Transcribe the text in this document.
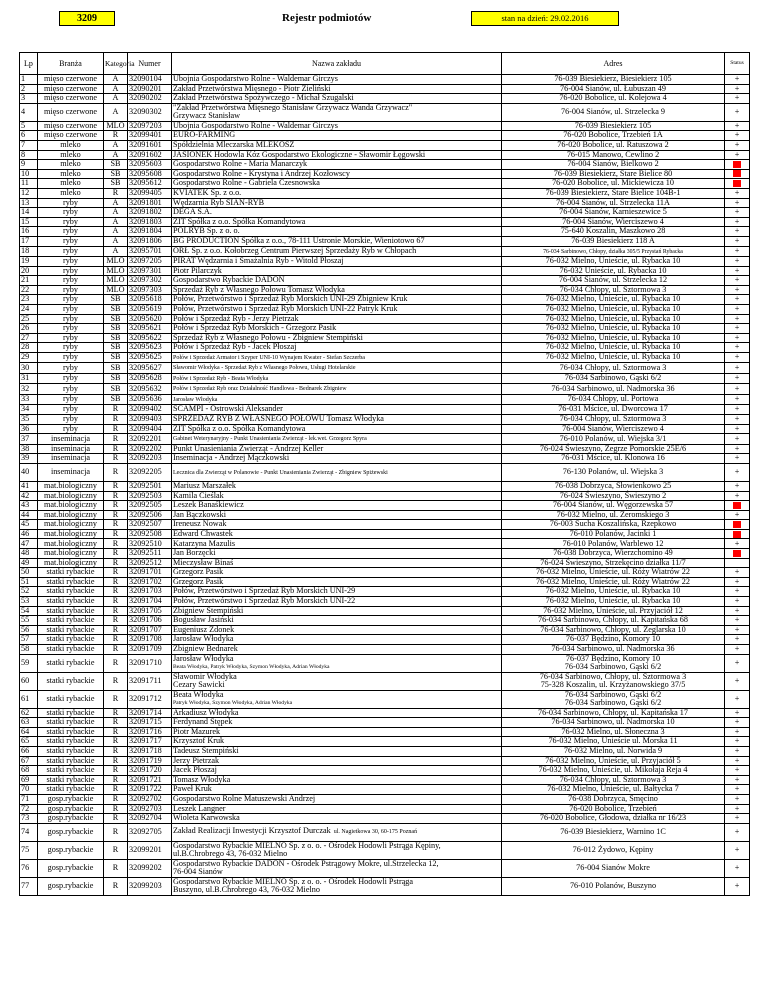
3209	Rejestr podmiotów	stan na dzień: 29.02.2016
Lp	Branża	Kategoria	Numer	Nazwa zakładu	Adres	Status
1	mięso czerwone	A	32090104	Ubojnia Gospodarstwo Rolne - Waldemar Girczys	76-039 Biesiekierz, Biesiekierz 105	+
2	mięso czerwone	A	32090201	Zakład Przetwórstwa Mięsnego - Piotr Zieliński	76-004 Sianów, ul. Łubuszan 49	+
3	mięso czerwone	A	32090202	Zakład Przetwórstwa Spożywczego - Michał Szugalski	76-020 Bobolice, ul. Kolejowa 4	+
4	mięso czerwone	A	32090302	"Zakład Przetwórstwa Mięsnego Stanisław Grzywacz Wanda Grzywacz"
Grzywacz Stanisław	76-004 Sianów, ul. Strzelecka 9	+
5	mięso czerwone	MLO	32097203	Ubojnia Gospodarstwo Rolne - Waldemar Girczys	76-039 Biesiekierz 105	+
6	mięso czerwone	R	32099401	EURO-FARMING	76-020 Bobolice, Trzebień 1A	+
7	mleko	A	32091601	Spółdzielnia Mleczarska MLEKOSZ	76-020 Bobolice, ul. Ratuszowa 2	+
8	mleko	A	32091602	JASIONEK Hodowla Kóz Gospodarstwo Ekologiczne - Sławomir Łęgowski	76-015 Manowo, Cewlino 2	+
9	mleko	SB	32095603	Gospodarstwo Rolne - Maria Manarczyk	76-004 Sianów, Bielkowo 2	
10	mleko	SB	32095608	Gospodarstwo Rolne - Krystyna i Andrzej Kozłowscy	76-039 Biesiekierz, Stare Bielice 80	
11	mleko	SB	32095612	Gospodarstwo Rolne - Gabriela Czesnowska	76-020 Bobolice, ul. Mickiewicza 10	
12	mleko	R	32099405	KVIATEK Sp. z o.o.	76-039 Biesiekierz, Stare Bielice 104B-1	+
13	ryby	A	32091801	Wędzarnia Ryb SIAN-RYB	76-004 Sianów, ul. Strzelecka 11A	+
14	ryby	A	32091802	DEGA S.A.	76-004 Sianów, Karnieszewice 5	+
15	ryby	A	32091803	ZIT Spółka z o.o. Spółka Komandytowa	76-004 Sianów, Wierciszewo 4	+
16	ryby	A	32091804	POLRYB Sp. z o. o.	75-640 Koszalin, Maszkowo 28	+
17	ryby	A	32091806	BG PRODUCTION Spółka z o.o., 78-111 Ustronie Morskie, Wieniotowo 67	76-039 Biesiekierz 118 A	+
18	ryby	A	32095701	ORŁ Sp. z o.o. Kołobrzeg Centrum Pierwszej Sprzedaży Ryb w Chłopach	76-034 Sarbinowo, Chłopy, działka 305/5 Przystań Rybacka	+
19	ryby	MLO	32097205	PIRAT Wędzarnia i Smażalnia Ryb - Witold Płoszaj	76-032 Mielno, Unieście, ul. Rybacka 10	+
20	ryby	MLO	32097301	Piotr Pilarczyk	76-032 Unieście, ul. Rybacka 10	+
21	ryby	MLO	32097302	Gospodarstwo Rybackie DADON	76-004 Sianów, ul. Strzelecka 12	+
22	ryby	MLO	32097303	Sprzedaż Ryb z Własnego Połowu Tomasz Włodyka	76-034 Chłopy, ul. Sztormowa 3	+
23	ryby	SB	32095618	Połów, Przetwórstwo i Sprzedaż Ryb Morskich UNI-29 Zbigniew Kruk	76-032 Mielno, Unieście, ul. Rybacka 10	+
24	ryby	SB	32095619	Połów, Przetwórstwo i Sprzedaż Ryb Morskich UNI-22 Patryk Kruk	76-032 Mielno, Unieście, ul. Rybacka 10	+
25	ryby	SB	32095620	Połów i Sprzedaż Ryb - Jerzy Pietrzak	76-032 Mielno, Unieście, ul. Rybacka 10	+
26	ryby	SB	32095621	Połów i Sprzedaż Ryb Morskich - Grzegorz Pasik	76-032 Mielno, Unieście, ul. Rybacka 10	+
27	ryby	SB	32095622	Sprzedaż Ryb z Własnego Połowu - Zbigniew Stempiński	76-032 Mielno, Unieście, ul. Rybacka 10	+
28	ryby	SB	32095623	Połów i Sprzedaż Ryb - Jacek Płoszaj	76-032 Mielno, Unieście, ul. Rybacka 10	+
29	ryby	SB	32095625	Połów i Sprzedaż Armator i Szyper UNI-10 Wynajem Kwater - Stefan Szczerba	76-032 Mielno, Unieście, ul. Rybacka 10	+
30	ryby	SB	32095627	Sławomir Włodyka - Sprzedaż Ryb z Własnego Połowu, Usługi Hotelarskie	76-034 Chłopy, ul. Sztormowa 3	+
31	ryby	SB	32095628	Połów i Sprzedaż Ryb - Beata Włodyka	76-034 Sarbinowo, Gąski 6/2	+
32	ryby	SB	32095632	Połów i Sprzedaż Ryb oraz Działalność Handlowa - Bednarek Zbigniew	76-034 Sarbinowo, ul. Nadmorska 36	+
33	ryby	SB	32095636	Jarosław Włodyka	76-034 Chłopy, ul. Portowa	+
34	ryby	R	32099402	SCAMPI - Ostrowski Aleksander	76-031 Mścice, ul. Dworcowa 17	+
35	ryby	R	32099403	SPRZEDAŻ RYB Z WŁASNEGO POŁOWU Tomasz Włodyka	76-034 Chłopy, ul. Sztormowa 3	+
36	ryby	R	32099404	ZIT Spółka z o.o. Spółka Komandytowa	76-004 Sianów, Wierciszewo 4	+
37	inseminacja	R	32092201	Gabinet Weterynaryjny - Punkt Unasieniania Zwierząt - lek.wet. Grzegorz Spyra	76-010 Polanów, ul. Wiejska 3/1	+
38	inseminacja	R	32092202	Punkt Unasieniania Zwierząt - Andrzej Keller	76-024 Świeszyno, Zegrze Pomorskie 25E/6	+
39	inseminacja	R	32092203	Inseminacja - Andrzej Mączkowski	76-031 Mścice, ul. Klonowa 16	+
40	inseminacja	R	32092205	Lecznica dla Zwierząt w Polanowie - Punkt Unasieniania Zwierząt - Zbigniew Spiżewski	76-130 Polanów, ul. Wiejska 3	+
41	mat.biologiczny	R	32092501	Mariusz Marszałek	76-038 Dobrzyca, Słowienkowo 25	+
42	mat.biologiczny	R	32092503	Kamila Cieślak	76-024 Świeszyno, Świeszyno 2	+
43	mat.biologiczny	R	32092505	Leszek Banaśkiewicz	76-004 Sianów, ul. Węgorzewska 57	
44	mat.biologiczny	R	32092506	Jan Bączkowski	76-032 Mielno, ul. Żeromskiego 3	+
45	mat.biologiczny	R	32092507	Ireneusz Nowak	76-003 Sucha Koszalińska, Rzepkowo	
46	mat.biologiczny	R	32092508	Edward Chwastek	76-010 Polanów, Jacinki 1	
47	mat.biologiczny	R	32092510	Katarzyna Mazulis	76-010 Polanów, Warblewo 12	+
48	mat.biologiczny	R	32092511	Jan Borzęcki	76-038 Dobrzyca, Wierzchomino 49	
49	mat.biologiczny	R	32092512	Mieczysław Binaś	76-024 Świeszyno, Strzekęcino działka 11/7	
50	statki rybackie	R	32091701	Grzegorz Pasik	76-032 Mielno, Unieście, ul. Róży Wiatrów 22	+
51	statki rybackie	R	32091702	Grzegorz Pasik	76-032 Mielno, Unieście, ul. Róży Wiatrów 22	+
52	statki rybackie	R	32091703	Połów, Przetwórstwo i Sprzedaż Ryb Morskich UNI-29	76-032 Mielno, Unieście, ul. Rybacka 10	+
53	statki rybackie	R	32091704	Połów, Przetwórstwo i Sprzedaż Ryb Morskich UNI-22	76-032 Mielno, Unieście, ul. Rybacka 10	+
54	statki rybackie	R	32091705	Zbigniew Stempiński	76-032 Mielno, Unieście, ul. Przyjaciół 12	+
55	statki rybackie	R	32091706	Bogusław Jasiński	76-034 Sarbinowo, Chłopy, ul. Kapitańska 68	+
56	statki rybackie	R	32091707	Eugeniusz Zdonek	76-034 Sarbinowo, Chłopy, ul. Żeglarska 10	+
57	statki rybackie	R	32091708	Jarosław Włodyka	76-037 Będzino, Komory 10	+
58	statki rybackie	R	32091709	Zbigniew Bednarek	76-034 Sarbinowo, ul. Nadmorska 36	+
59	statki rybackie	R	32091710	Jarosław Włodyka
Beata Włodyka, Patryk Włodyka, Szymon Włodyka, Adrian Włodyka	76-037 Będzino, Komory 10
76-034 Sarbinowo, Gąski 6/2	+
60	statki rybackie	R	32091711	Sławomir Włodyka
Cezary Sawicki	76-034 Sarbinowo, Chłopy, ul. Sztormowa 3
75-328 Koszalin, ul. Krzyżanowskiego 37/5	+
61	statki rybackie	R	32091712	Beata Włodyka
Patryk Włodyka, Szymon Włodyka, Adrian Włodyka	76-034 Sarbinowo, Gąski 6/2
76-034 Sarbinowo, Gąski 6/2	+
62	statki rybackie	R	32091714	Arkadiusz Włodyka	76-034 Sarbinowo, Chłopy, ul. Kapitańska 17	+
63	statki rybackie	R	32091715	Ferdynand Stępek	76-034 Sarbinowo, ul. Nadmorska 10	+
64	statki rybackie	R	32091716	Piotr Mazurek	76-032 Mielno, ul. Słoneczna 3	+
65	statki rybackie	R	32091717	Krzysztof Kruk	76-032 Mielno, Unieście ul. Morska 11	+
66	statki rybackie	R	32091718	Tadeusz Stempiński	76-032 Mielno, ul. Norwida 9	+
67	statki rybackie	R	32091719	Jerzy Pietrzak	76-032 Mielno, Unieście, ul. Przyjaciół 5	+
68	statki rybackie	R	32091720	Jacek Płoszaj	76-032 Mielno, Unieście, ul. Mikołaja Reja 4	+
69	statki rybackie	R	32091721	Tomasz Włodyka	76-034 Chłopy, ul. Sztormowa 3	+
70	statki rybackie	R	32091722	Paweł Kruk	76-032 Mielno, Unieście, ul. Bałtycka 7	+
71	gosp.rybackie	R	32092702	Gospodarstwo Rolne Matuszewski Andrzej	76-038 Dobrzyca, Smęcino	+
72	gosp.rybackie	R	32092703	Leszek Langner	76-020 Bobolice, Trzebień	+
73	gosp.rybackie	R	32092704	Wioleta Karwowska	76-020 Bobolice, Głodowa, działka nr 16/23	+
74	gosp.rybackie	R	32092705	Zakład Realizacji Inwestycji Krzysztof Durczak ul. Nagietkowa 30, 60-175 Poznań	76-039 Biesiekierz, Warnino 1C	+
75	gosp.rybackie	R	32099201	Gospodarstwo Rybackie MIELNO Sp. z o. o. - Ośrodek Hodowli Pstrąga Kępiny,
ul.B.Chrobrego 43, 76-032 Mielno	76-012 Żydowo, Kępiny	+
76	gosp.rybackie	R	32099202	Gospodarstwo Rybackie DADON - Ośrodek Pstrągowy Mokre, ul.Strzelecka 12,
76-004 Sianów	76-004 Sianów Mokre	+
77	gosp.rybackie	R	32099203	Gospodarstwo Rybackie MIELNO Sp. z o. o. - Ośrodek Hodowli Pstrąga
Buszyno, ul.B.Chrobrego 43, 76-032 Mielno	76-010 Polanów, Buszyno	+
